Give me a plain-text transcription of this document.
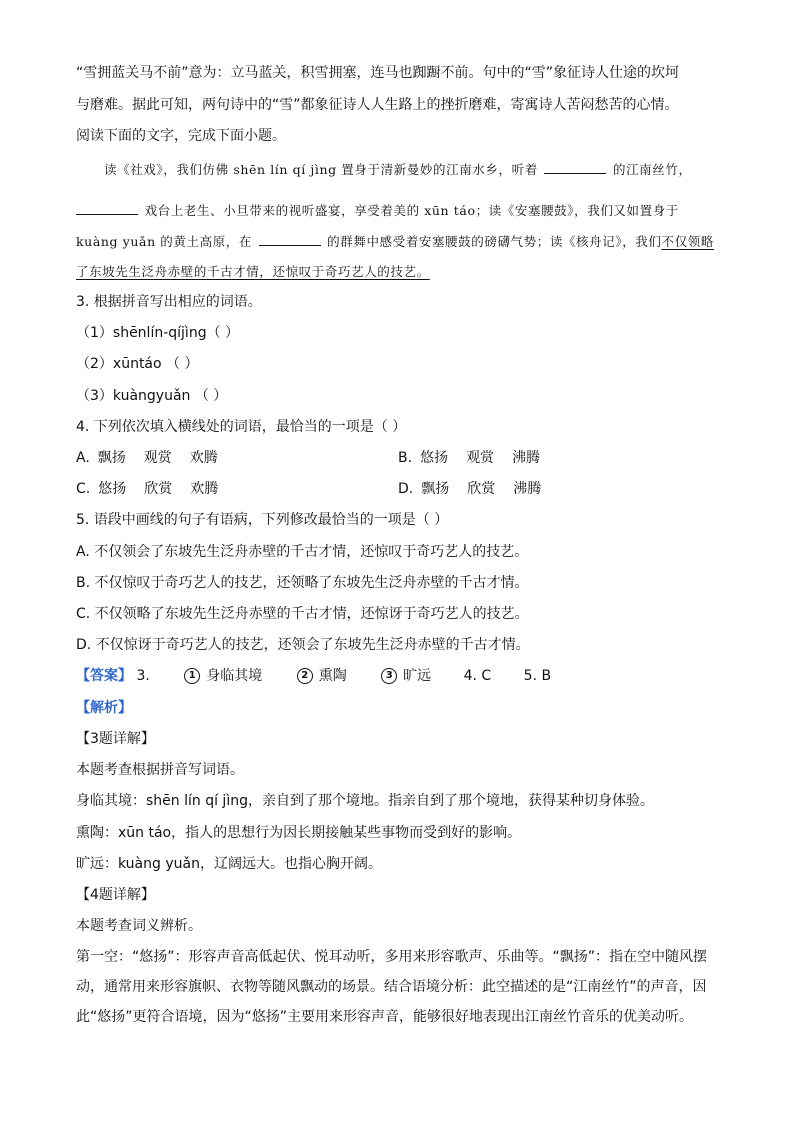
“雪拥蓝关马不前”意为：立马蓝关，积雪拥塞，连马也踟蹰不前。句中的“雪”象征诗人仕途的坎坷
与磨难。据此可知，两句诗中的“雪”都象征诗人人生路上的挫折磨难，寄寓诗人苦闷愁苦的心情。
阅读下面的文字，完成下面小题。
读《社戏》，我们仿佛 shēn lín qí jìng 置身于清新曼妙的江南水乡，听着	的江南丝竹，
戏台上老生、小旦带来的视听盛宴，享受着美的 xūn táo；读《安塞腰鼓》，我们又如置身于
kuàng yuǎn 的黄土高原，在	的群舞中感受着安塞腰鼓的磅礴气势；读《核舟记》，我们不仅领略
了东坡先生泛舟赤壁的千古才情，还惊叹于奇巧艺人的技艺。
3. 根据拼音写出相应的词语。
（1）shēnlín-qíjìng（ ）
（2）xūntáo （ ）
（3）kuàngyuǎn （ ）
4. 下列依次填入横线处的词语，最恰当的一项是（ ）
A. 飘扬 观赏 欢腾	B. 悠扬 观赏 沸腾
C. 悠扬 欣赏 欢腾	D. 飘扬 欣赏 沸腾
5. 语段中画线的句子有语病，下列修改最恰当的一项是（ ）
A. 不仅领会了东坡先生泛舟赤壁的千古才情，还惊叹于奇巧艺人的技艺。
B. 不仅惊叹于奇巧艺人的技艺，还领略了东坡先生泛舟赤壁的千古才情。
C. 不仅领略了东坡先生泛舟赤壁的千古才情，还惊讶于奇巧艺人的技艺。
D. 不仅惊讶于奇巧艺人的技艺，还领会了东坡先生泛舟赤壁的千古才情。
【答案】 3.	1 身临其境	2 熏陶	3 旷远 4. C 5. B
【解析】
【3题详解】
本题考查根据拼音写词语。
身临其境：shēn lín qí jìng，亲自到了那个境地。指亲自到了那个境地，获得某种切身体验。
熏陶：xūn táo，指人的思想行为因长期接触某些事物而受到好的影响。
旷远：kuàng yuǎn，辽阔远大。也指心胸开阔。
【4题详解】
本题考查词义辨析。
第一空：“悠扬”：形容声音高低起伏、悦耳动听，多用来形容歌声、乐曲等。“飘扬”：指在空中随风摆动，通常用来形容旗帜、衣物等随风飘动的场景。结合语境分析：此空描述的是“江南丝竹”的声音，因此“悠扬”更符合语境，因为“悠扬”主要用来形容声音，能够很好地表现出江南丝竹音乐的优美动听。
